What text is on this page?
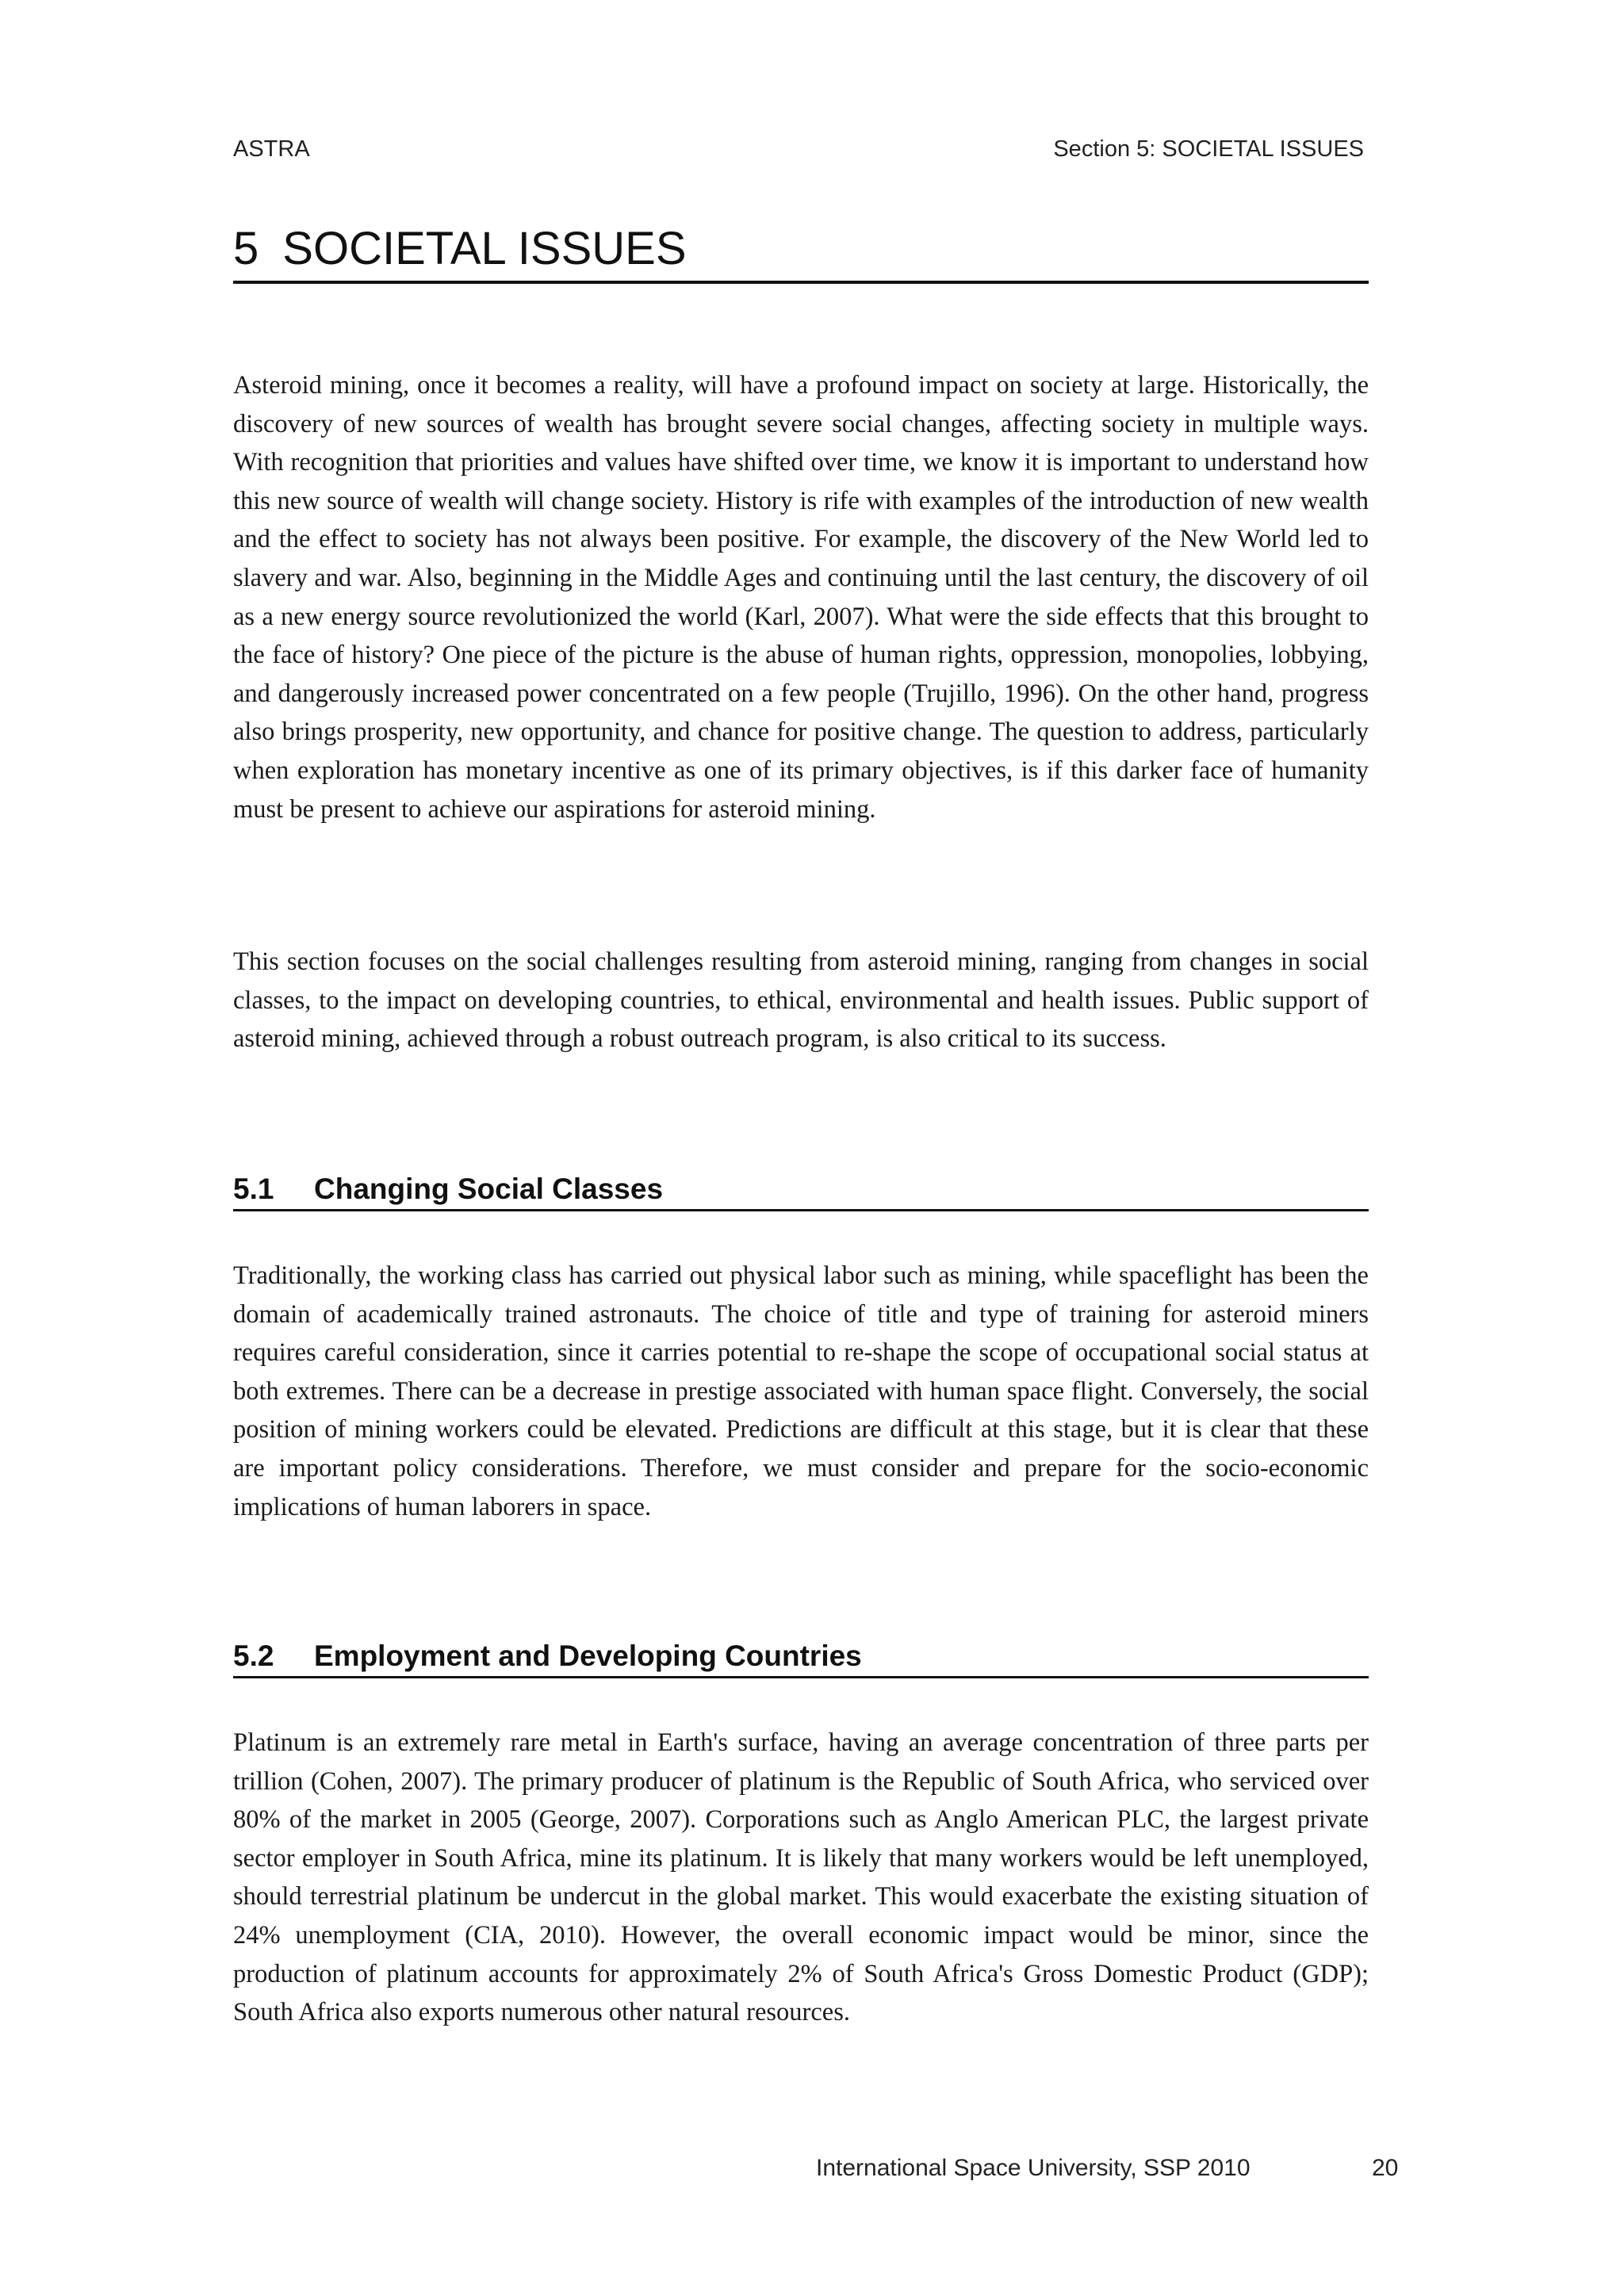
ASTRA	Section 5: SOCIETAL ISSUES
5 SOCIETAL ISSUES

Asteroid mining, once it becomes a reality, will have a profound impact on society at large. Historically, the discovery of new sources of wealth has brought severe social changes, affecting society in multiple ways. With recognition that priorities and values have shifted over time, we know it is important to understand how this new source of wealth will change society. History is rife with examples of the introduction of new wealth and the effect to society has not always been positive. For example, the discovery of the New World led to slavery and war. Also, beginning in the Middle Ages and continuing until the last century, the discovery of oil as a new energy source revolutionized the world (Karl, 2007). What were the side effects that this brought to the face of history? One piece of the picture is the abuse of human rights, oppression, monopolies, lobbying, and dangerously increased power concentrated on a few people (Trujillo, 1996). On the other hand, progress also brings prosperity, new opportunity, and chance for positive change. The question to address, particularly when exploration has monetary incentive as one of its primary objectives, is if this darker face of humanity must be present to achieve our aspirations for asteroid mining.

This section focuses on the social challenges resulting from asteroid mining, ranging from changes in social classes, to the impact on developing countries, to ethical, environmental and health issues. Public support of asteroid mining, achieved through a robust outreach program, is also critical to its success.

5.1 Changing Social Classes

Traditionally, the working class has carried out physical labor such as mining, while spaceflight has been the domain of academically trained astronauts. The choice of title and type of training for asteroid miners requires careful consideration, since it carries potential to re-shape the scope of occupational social status at both extremes. There can be a decrease in prestige associated with human space flight. Conversely, the social position of mining workers could be elevated. Predictions are difficult at this stage, but it is clear that these are important policy considerations. Therefore, we must consider and prepare for the socio-economic implications of human laborers in space.

5.2 Employment and Developing Countries

Platinum is an extremely rare metal in Earth's surface, having an average concentration of three parts per trillion (Cohen, 2007). The primary producer of platinum is the Republic of South Africa, who serviced over 80% of the market in 2005 (George, 2007). Corporations such as Anglo American PLC, the largest private sector employer in South Africa, mine its platinum. It is likely that many workers would be left unemployed, should terrestrial platinum be undercut in the global market. This would exacerbate the existing situation of 24% unemployment (CIA, 2010). However, the overall economic impact would be minor, since the production of platinum accounts for approximately 2% of South Africa's Gross Domestic Product (GDP); South Africa also exports numerous other natural resources.

International Space University, SSP 2010	20
